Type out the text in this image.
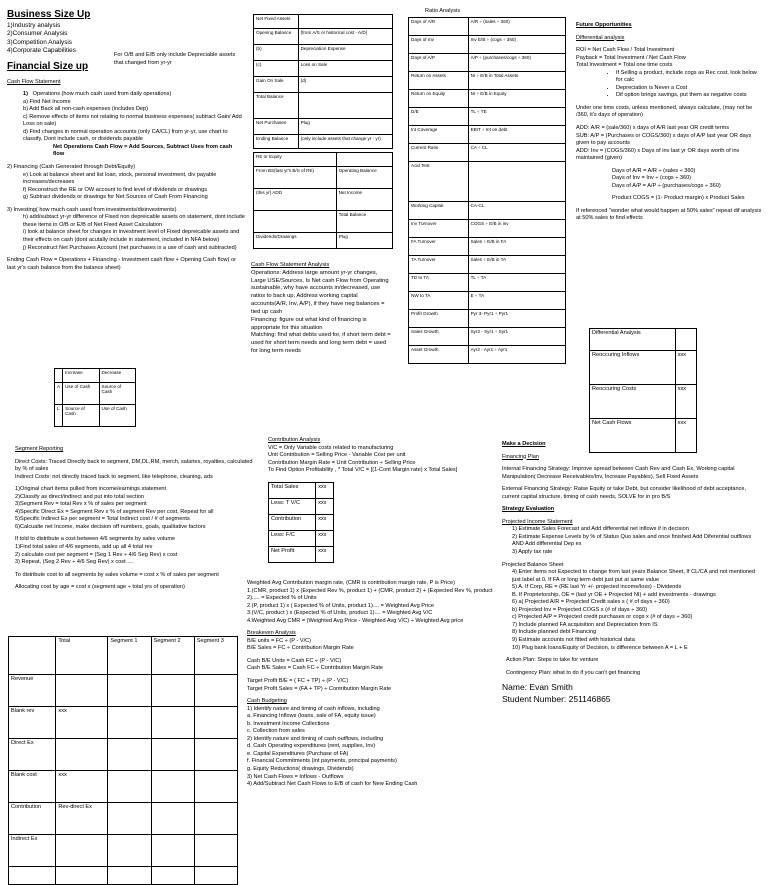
Business Size Up
1)Industry analysis
2)Consumer Analysis
3)Competition Analysis
4)Corporate Capabilities
Financial Size up
Cash Flow Statement
1)   Operations (how much cash used from daily operations)
a) Find Net Income
b) Add Back all non-cash expenses (includes Dep)
c) Remove effects of items not relating to normal business expenses( subtract Gain/ Add Loss on sale)
d) Find changes in normal operation accounts (only CA/CL) from yr-yr, use chart to classify, Dont include cash, or dividends payable
Net Operations Cash Flow = Add Sources, Subtract Uses from cash flow
2) Financing (Cash Generated through Debt/Equity)
e) Look at balance sheet and list loan, stock, personal investment, div payable increases/decreases
f) Reconstruct the RE or OW account to find level of dividends or drawings
g) Subtract dividends or drawings for Net Sources of Cash From Financing
3) Investing( how much cash used from investments/disinvestments)
h) add/subtact yr-yr difference of Fixed non depreicable assets on statement, dont include these items in O/B or E/B of Net Fixed Asset Calculation
i) look at balance sheet for changes in investment level of Fixed depreicable assets and their effects on cash (dont acutally include in statement, included in NFA below)
j) Reconstruct Net Purchases Account (net purchases is a use of cash and subtracted)
Ending Cash Flow = Operations + Financing - Investment cash flow + Opening Cash flow( or last yr's cash balance from the balance sheet)
For O/B and E/B only include Depreciable assets that changed from yr-yr
	Increase	Decrease
A	Use of Cash	Source of Cash
L	Source of Cash	Use of Cash
Net Fixed Assets	
Opening Balance	(from A/S or historical cost - A/D)
(b)	Depreciation Expense
(c)	Loss on Sale
Gain On Sale	(d)
Total Balance	
Net Purchases	Plug
Ending Balance	(only include assets that change yr - yr)
RE or Equity	
From BS(last yr's B/S of RE)	Operating Balance
(this yr) ADD	Net Income
	Total Balance
Dividends/Drawings	Plug
Cash Flow Statement Analysis
Operations: Address large amount yr-yr changes, Large USE/Sources, Is Net cash Flow from Operating sustainable, why have accounts in/decreased, use ratios to back up, Address working capital accounts(A/R, Inv, A/P), if they have neg balances = tied up cash
Financing: figure out what kind of financing is appropriate for this situation
Matching: find what debts used for, if short term debt = used for short term needs and long term debt = used for long term needs
Ratio Analysis
Days of A/R	A/R ÷ (sales ÷ 360)
Days of Inv	Inv E/B ÷ (cogs ÷ 360)
Days of A/P	A/P ÷ (purchases/cogs ÷ 360)
Return on Assets	NI ÷ E/B in Total Assets
Return on Equity	NI ÷ E/B in Equity
D/E	TL ÷ TE
Int Coverage	EBIT ÷ Int on debt
Current Ratio	CA ÷ CL
Acid Test	
Working Capital	CA-CL
Inv Turnover	COGS ÷ E/B in inv
FA Turnover	Sales ÷ E/B in FA
TA Turnover	Sales ÷ E/B in TA
TD to TA	TL ÷ TA
NW to TA	E ÷ TA
Profit Growth	Pyr 3- Pyr1 ÷ Pyr1
Sales Growth	Syr2 - Syr1 ÷ Syr1
Asset Growth	Ayr2 - Ayr1 ÷ Ayr1
Future Opportunities
Differential analysis
ROI = Net Cash Flow / Total Investment
Payback = Total Investment / Net Cash Flow
Total Investment = Total one time costs
• If Selling a product, include cogs as Rec cost, look below for calc
• Depreciation is Never a Cost
• Dif option brings savings, put them as negative costs
Under one time costs, unless mentioned, always calculate, (may not be /360, it's days of operation)
ADD: A/R = (sale/360) x days of A/R last year OR credit terms
SUB: A/P = (Purchases or COGS/360) x days of A/P last year OR days given to pay accounts
ADD: Inv = (COGS/360) x Days of inv last yr OR days worth of inv maintained (given)
Days of A/R = A/R ÷ (sales ÷ 360)
Days of Inv = Inv ÷ (cogs ÷ 360)
Days of A/P = A/P ÷ (purchases/cogs ÷ 360)
Product COGS = (1- Product margin) x Product Sales
If referenced "wonder what would happen at 50% sales" repeat dif analysis at 50% sales to find effects
Differential Analysis	
Reoccuring Inflows	xxx
Reoccuring Costs	xxx
Net Cash Flows	xxx
Segment Reporting
Direct Costs: Traced Directly back to segment, DM,DL,RM, merch, salaries, royalties, calculated by % of sales
Indirect Costs: not directly traced back to segment, like telephone, cleaning, ads
1)Original chart items pulled from income/earnings statement
2)Classify as direct/indirect and put into total section
3)Segment Rev = total Rev x % of sales per segment
4)Specific Direct Ex = Segment Rev x % of segment Rev per cost, Repeat for all
5)Specific Indirect Ex per segment = Total Indirect cost / # of segments
6)Calcualte net Income, make decision off numbers, goals, qualitative factors
If told to distribute a cost between 4/6 segments by sales volume
1)Find total sales of 4/6 segments, add up all 4 total rev
2) calculate cost per segment = (Seg 1 Rev ÷ 4/6 Seg Rev) x cost
3) Repeat, (Seg 2 Rev ÷ 4/6 Seg Rev) x cost ....
To distribute cost to all segments by sales volume = cost x % of sales per segment
Allocating cost by age = cost x (segment age ÷ total yrs of operation)
	Total	Segment 1	Segment 2	Segment 3
Revenue				
Blank rev	xxx			
Direct Ex				
Blank cost	xxx			
Contribution	Rev-direct Ex			
Indirect Ex				

Contribution Analysis
V/C = Only Variable costs related to manufacturing
Unit Contribution = Selling Price - Variable Cost per unit
Contribution Margin Rate = Unit Contribution ÷ Selling Price
To Find Option Profitability , * Total V/C = [(1-Cont Margin rate) x Total Sales]
Total Sales	xxx
Less: T V/C	xxx
Contribution	xxx
Less: F/C	xxx
Net Profit	xxx
Weighted Avg Contribution margin rate, (CMR is contribution margin rate, P is Price)
1.(CMR, product 1) x (Expected Rev %, product 1) + (CMR, product 2) + (Expected Rev %, product 2)..... = Expected % of Units
2.(P, product 1) x ( Expected % of Units, product 1).... = Weighted Avg Price
3.(V/C, product ) x (Expected % of Units, product 1).... = Weighted Avg V/C
4.Weighted Avg CMR = (Weighted Avg Price - Weighted Avg V/C) ÷ Weighted Avg price
Breakeven Analysis
B/E units = FC ÷ (P - V/C)
B/E Sales = FC ÷ Contribution Margin Rate
Cash B/E Units = Cash FC ÷ (P - V/C)
Cash B/E Sales = Cash FC ÷ Contribution Margin Rate
Target Profit B/E = ( FC + TP) ÷ (P - V/C)
Target Profit Sales = (FA + TP) ÷ Contribution Margin Rate
Cash Budgeting
1) Identify nature and timing of cash inflows, including
a. Financing Inflows (loans, sale of FA, equity issue)
b. Investment Income Collections
c. Collection from sales
2) Identify nature and timing of cash outflows, including
d. Cash Operating expenditures (rent, supplies, Inv)
e. Capital Expenditures (Purchase of FA)
f. Financial Commitments (int payments, principal payments)
g. Equity Reductions( drawings, Dividends)
3) Net Cash Flows = Inflows - Outflows
4) Add/Subtract Net Cash Flows to E/B of cash for New Ending Cash
Make a Decision
Financing Plan
Internal Financing Strategy: Improve spread between Cash Rev and Cash Ex, Working capital Manipulation( Decrease Receivables/Inv, Increase Payables), Sell Fixed Assets
External Financing Strategy: Raise Equity or take Debt, but consider likelihood of debt acceptance, current capital structure, timing of cash needs, SOLVE for in pro B/S
Strategy Evaluation
Projected Income Statement
1) Estimate Sales Forecast and Add differential net inflows if in decision
2) Estimate Expense Levels by % of Status Quo sales and once finished Add Diferential outflows AND Add differential Dep ex
3) Apply tax rate
Projected Balance Sheet
4) Enter items not Expected to change from last years Balance Sheet, If CL/CA and not mentioned just label at 0, If FA or long term debt just put at same value
5) A. If Corp, RE = (RE last Yr +/- projected income/loss) - Dividends
B. If Proprietorship, OE = (last yr OE + Projected NI) + add investments - drawings
6) a) Projected A/R = Projected Credit sales x ( # of days ÷ 360)
b) Projected Inv = Projected COGS x (# of days ÷ 360)
c) Projected A/P = Projected credit purchases or cogs x (# of days ÷ 360)
7) Include planned FA acquisition and Depreciation from IS
8) Include planned debt Financing
9) Estimate accounts not fitted with historical data
10) Plug bank loans/Equity of Decision, is difference between A = L + E
Action Plan: Steps to take for venture
Contingency Plan: what to do if you can't get financing
Name: Evan Smith
Student Number: 251146865
